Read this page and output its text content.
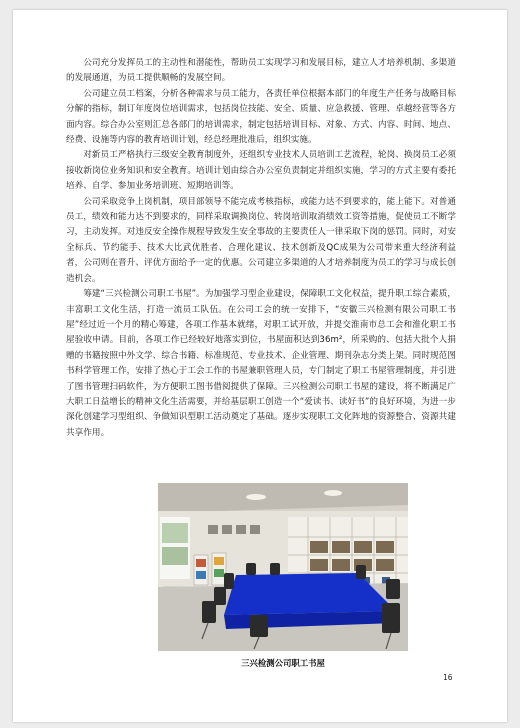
公司充分发挥员工的主动性和潜能性，帮助员工实现学习和发展目标，建立人才培养机制、多渠道的发展通道，为员工提供顺畅的发展空间。

公司建立员工档案，分析各种需求与员工能力，各责任单位根据本部门的年度生产任务与战略目标分解的指标，制订年度岗位培训需求，包括岗位技能、安全、质量、应急救援、管理、卓越经营等各方面内容。综合办公室则汇总各部门的培训需求，制定包括培训目标、对象、方式、内容、时间、地点、经费、设施等内容的教育培训计划，经总经理批准后，组织实施。

对新员工严格执行三级安全教育制度外，还组织专业技术人员培训工艺流程，轮岗、换岗员工必须接收新岗位业务知识和安全教育。培训计划由综合办公室负责制定并组织实施，学习的方式主要有委托培养、自学、参加业务培训班、短期培训等。

公司采取竞争上岗机制，项目部领导不能完成考核指标，或能力达不到要求的，能上能下。对普通员工，绩效和能力达不到要求的，同样采取调换岗位、转岗培训取消绩效工资等措施，促使员工不断学习，主动发挥。对违反安全操作规程导致发生安全事故的主要责任人一律采取下岗的惩罚。同时，对安全标兵、节约能手、技术大比武优胜者、合理化建议、技术创新及QC成果为公司带来重大经济利益者，公司则在晋升、评优方面给予一定的优惠。公司建立多渠道的人才培养制度为员工的学习与成长创造机会。

筹建“三兴检测公司职工书屋”。为加强学习型企业建设，保障职工文化权益，提升职工综合素质，丰富职工文化生活，打造一流员工队伍。在公司工会的统一安排下，“安徽三兴检测有限公司职工书屋”经过近一个月的精心筹建，各项工作基本就绪，对职工试开放，并提交淮南市总工会和淮化职工书屋验收申请。目前，各项工作已经较好地落实到位，书屋面积达到36m²，所采购的、包括大批个人捐赠的书籍按照中外文学、综合书籍、标准规范、专业技术、企业管理、期刊杂志分类上架。同时规范图书科学管理工作，安排了热心于工会工作的书屋兼职管理人员，专门制定了职工书屋管理制度，并引进了图书管理扫码软件，为方便职工图书借阅提供了保障。三兴检测公司职工书屋的建设，将不断满足广大职工日益增长的精神文化生活需要，并给基层职工创造一个“爱读书、读好书”的良好环境，为进一步深化创建学习型组织、争做知识型职工活动奠定了基础。逐步实现职工文化阵地的资源整合、资源共建共享作用。

三兴检测公司职工书屋
16
